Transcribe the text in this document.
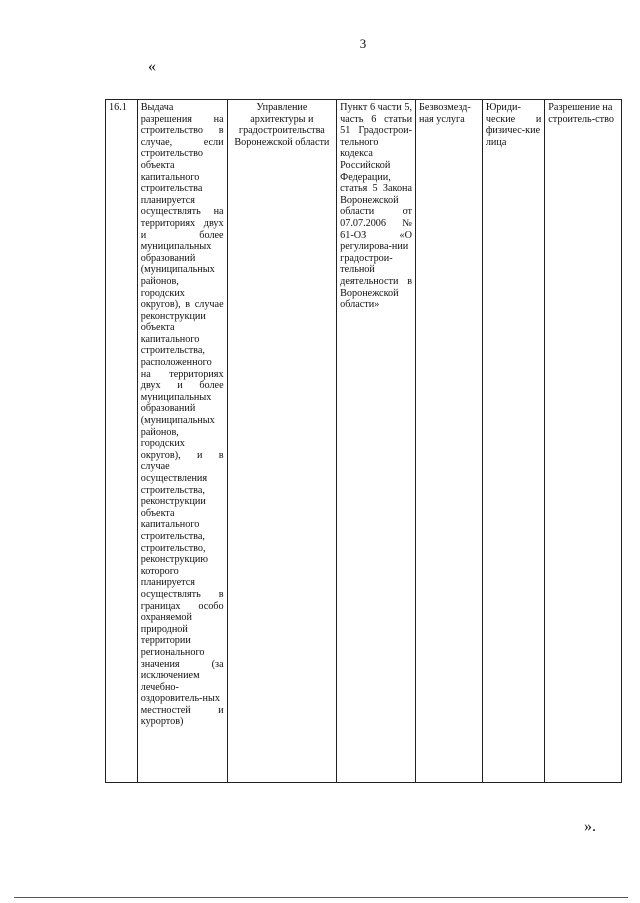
3
«
16.1	Выдача разрешения на строительство в случае, если строительство объекта капитального строительства планируется осуществлять на территориях двух и более муниципальных образований (муниципальных районов, городских округов), в случае реконструкции объекта капитального строительства, расположенного на территориях двух и более муниципальных образований (муниципальных районов, городских округов), и в случае осуществления строительства, реконструкции объекта капитального строительства, строительство, реконструкцию которого планируется осуществлять в границах особо охраняемой природной территории регионального значения (за исключением лечебно-оздоровитель-ных местностей и курортов)	Управление архитектуры и градостроительства Воронежской области	Пункт 6 части 5, часть 6 статьи 51 Градострои-тельного кодекса Российской Федерации, статья 5 Закона Воронежской области от 07.07.2006 № 61-ОЗ «О регулирова-нии градострои-тельной деятельности в Воронежской области»	Безвозмезд-ная услуга	Юриди-ческие и физичес-кие лица	Разрешение на строитель-ство
».
